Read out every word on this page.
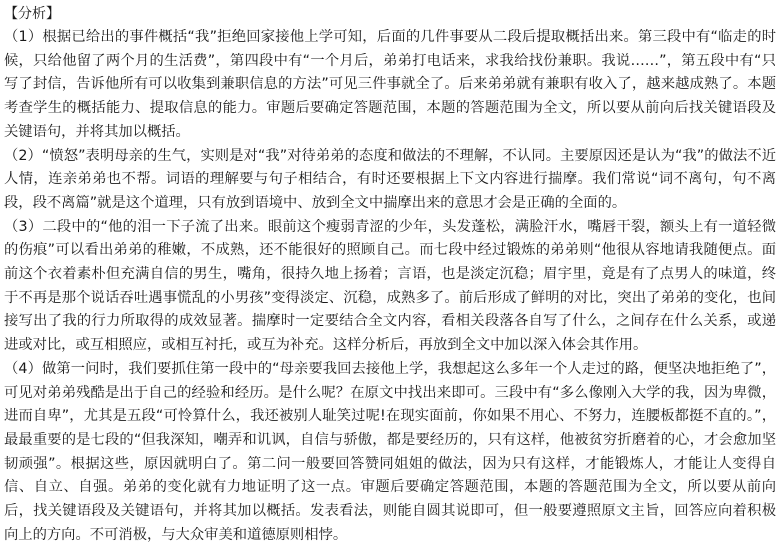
【分析】

（1）根据已给出的事件概括“我”拒绝回家接他上学可知，后面的几件事要从二段后提取概括出来。第三段中有“临走的时候，只给他留了两个月的生活费”，第四段中有“一个月后，弟弟打电话来，求我给找份兼职。我说……”，第五段中有“只写了封信，告诉他所有可以收集到兼职信息的方法”可见三件事就全了。后来弟弟就有兼职有收入了，越来越成熟了。本题考查学生的概括能力、提取信息的能力。审题后要确定答题范围，本题的答题范围为全文，所以要从前向后找关键语段及关键语句，并将其加以概括。

（2）“愤怒”表明母亲的生气，实则是对“我”对待弟弟的态度和做法的不理解，不认同。主要原因还是认为“我”的做法不近人情，连亲弟弟也不帮。词语的理解要与句子相结合，有时还要根据上下文内容进行揣摩。我们常说“词不离句，句不离段，段不离篇”就是这个道理，只有放到语境中、放到全文中揣摩出来的意思才会是正确的全面的。

（3）二段中的“他的泪一下子流了出来。眼前这个瘦弱青涩的少年，头发蓬松，满脸汗水，嘴唇干裂，额头上有一道轻微的伤痕”可以看出弟弟的稚嫩，不成熟，还不能很好的照顾自己。而七段中经过锻炼的弟弟则“他很从容地请我随便点。面前这个衣着素朴但充满自信的男生，嘴角，很持久地上扬着；言语，也是淡定沉稳；眉宇里，竟是有了点男人的味道，终于不再是那个说话吞吐遇事慌乱的小男孩”变得淡定、沉稳，成熟多了。前后形成了鲜明的对比，突出了弟弟的变化，也间接写出了我的行力所取得的成效显著。揣摩时一定要结合全文内容，看相关段落各自写了什么，之间存在什么关系，或递进或对比，或互相照应，或相互衬托，或互为补充。这样分析后，再放到全文中加以深入体会其作用。

（4）做第一问时，我们要抓住第一段中的“母亲要我回去接他上学，我想起这么多年一个人走过的路，便坚决地拒绝了”，可见对弟弟残酷是出于自己的经验和经历。是什么呢？在原文中找出来即可。三段中有“多么像刚入大学的我，因为卑微，进而自卑”，尤其是五段“可怜算什么，我还被别人耻笑过呢!在现实面前，你如果不用心、不努力，连腰板都挺不直的。”，最最重要的是七段的“但我深知，嘲弄和讥讽，自信与骄傲，都是要经历的，只有这样，他被贫穷折磨着的心，才会愈加坚韧顽强”。根据这些，原因就明白了。第二问一般要回答赞同姐姐的做法，因为只有这样，才能锻炼人，才能让人变得自信、自立、自强。弟弟的变化就有力地证明了这一点。审题后要确定答题范围，本题的答题范围为全文，所以要从前向后，找关键语段及关键语句，并将其加以概括。发表看法，则能自圆其说即可，但一般要遵照原文主旨，回答应向着积极向上的方向。不可消极，与大众审美和道德原则相悖。
